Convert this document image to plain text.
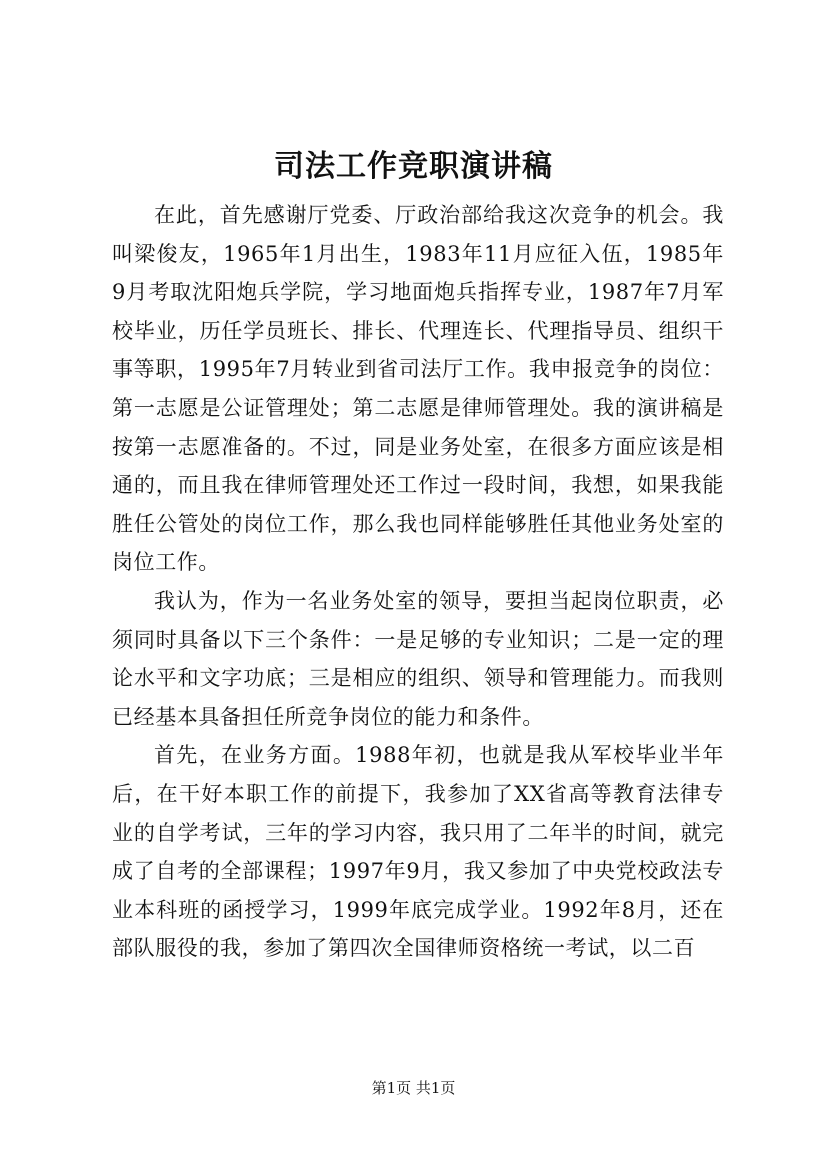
司法工作竞职演讲稿

在此，首先感谢厅党委、厅政治部给我这次竞争的机会。我叫梁俊友，1965年1月出生，1983年11月应征入伍，1985年9月考取沈阳炮兵学院，学习地面炮兵指挥专业，1987年7月军校毕业，历任学员班长、排长、代理连长、代理指导员、组织干事等职，1995年7月转业到省司法厅工作。我申报竞争的岗位：第一志愿是公证管理处；第二志愿是律师管理处。我的演讲稿是按第一志愿准备的。不过，同是业务处室，在很多方面应该是相通的，而且我在律师管理处还工作过一段时间，我想，如果我能胜任公管处的岗位工作，那么我也同样能够胜任其他业务处室的岗位工作。

我认为，作为一名业务处室的领导，要担当起岗位职责，必须同时具备以下三个条件：一是足够的专业知识；二是一定的理论水平和文字功底；三是相应的组织、领导和管理能力。而我则已经基本具备担任所竞争岗位的能力和条件。

首先，在业务方面。1988年初，也就是我从军校毕业半年后，在干好本职工作的前提下，我参加了XX省高等教育法律专业的自学考试，三年的学习内容，我只用了二年半的时间，就完成了自考的全部课程；1997年9月，我又参加了中央党校政法专业本科班的函授学习，1999年底完成学业。1992年8月，还在部队服役的我，参加了第四次全国律师资格统一考试，以二百

第1页 共1页
